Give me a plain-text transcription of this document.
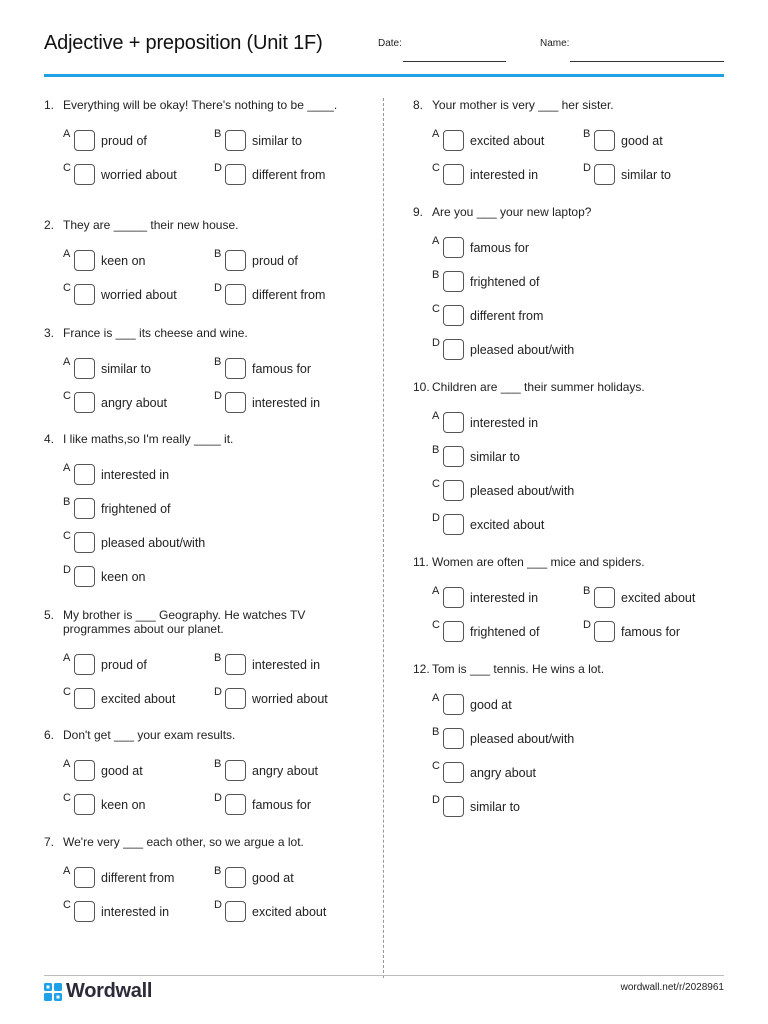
Adjective + preposition (Unit 1F)	Date:	Name:
1. Everything will be okay! There's nothing to be ____.
A proud of	B similar to
C worried about	D different from
2. They are _____ their new house.
A keen on	B proud of
C worried about	D different from
3. France is ___ its cheese and wine.
A similar to	B famous for
C angry about	D interested in
4. I like maths,so I'm really ____ it.
A interested in
B frightened of
C pleased about/with
D keen on
5. My brother is ___ Geography. He watches TV programmes about our planet.
A proud of	B interested in
C excited about	D worried about
6. Don't get ___ your exam results.
A good at	B angry about
C keen on	D famous for
7. We're very ___ each other, so we argue a lot.
A different from	B good at
C interested in	D excited about
8. Your mother is very ___ her sister.
A excited about	B good at
C interested in	D similar to
9. Are you ___ your new laptop?
A famous for
B frightened of
C different from
D pleased about/with
10. Children are ___ their summer holidays.
A interested in
B similar to
C pleased about/with
D excited about
11. Women are often ___ mice and spiders.
A interested in	B excited about
C frightened of	D famous for
12. Tom is ___ tennis. He wins a lot.
A good at
B pleased about/with
C angry about
D similar to
Wordwall	wordwall.net/r/2028961
